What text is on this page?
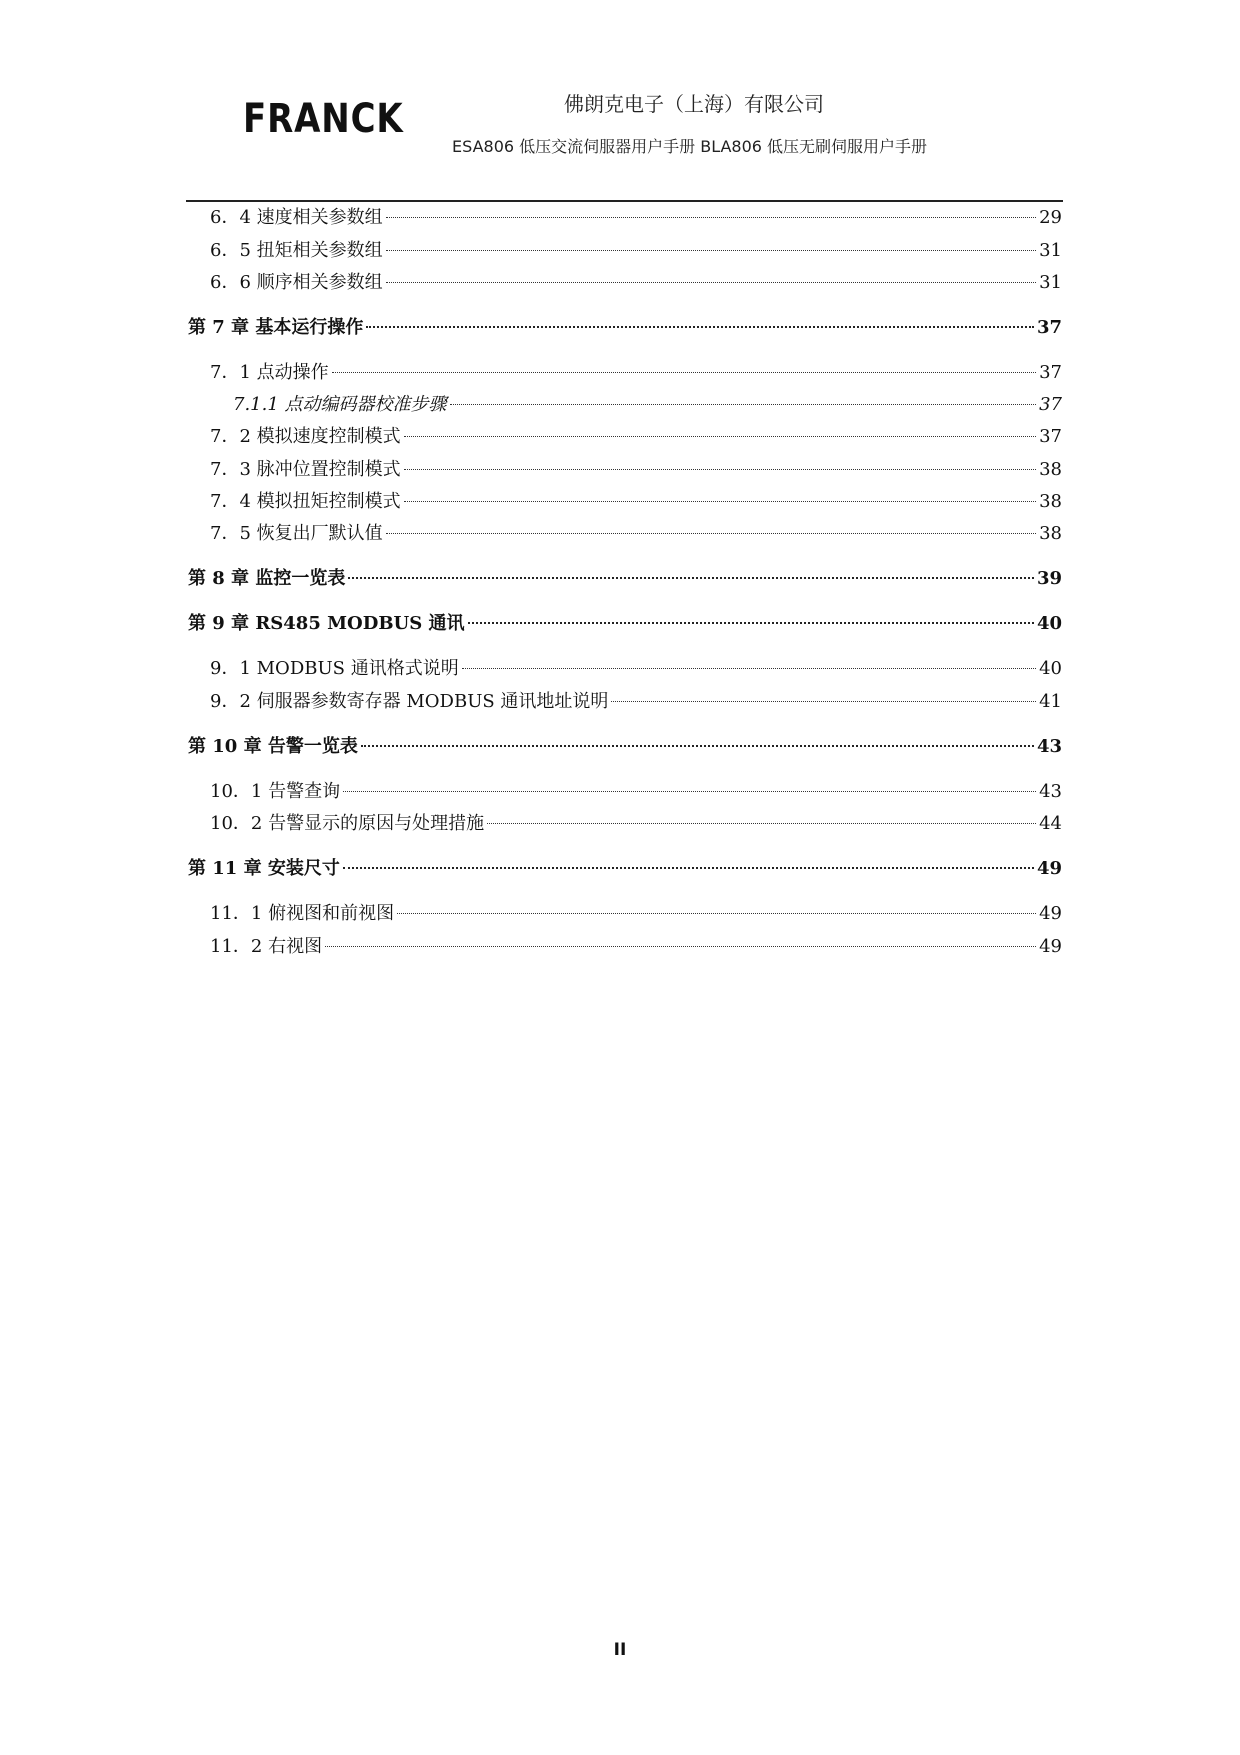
FRANCK	佛朗克电子（上海）有限公司
ESA806 低压交流伺服器用户手册 BLA806 低压无刷伺服用户手册
6．4 速度相关参数组	29
6．5 扭矩相关参数组	31
6．6 顺序相关参数组	31
第 7 章 基本运行操作	37
7．1 点动操作	37
7.1.1 点动编码器校准步骤	37
7．2 模拟速度控制模式	37
7．3 脉冲位置控制模式	38
7．4 模拟扭矩控制模式	38
7．5 恢复出厂默认值	38
第 8 章 监控一览表	39
第 9 章 RS485 MODBUS 通讯	40
9．1 MODBUS 通讯格式说明	40
9．2 伺服器参数寄存器 MODBUS 通讯地址说明	41
第 10 章 告警一览表	43
10．1 告警查询	43
10．2 告警显示的原因与处理措施	44
第 11 章 安装尺寸	49
11．1 俯视图和前视图	49
11．2 右视图	49
II
